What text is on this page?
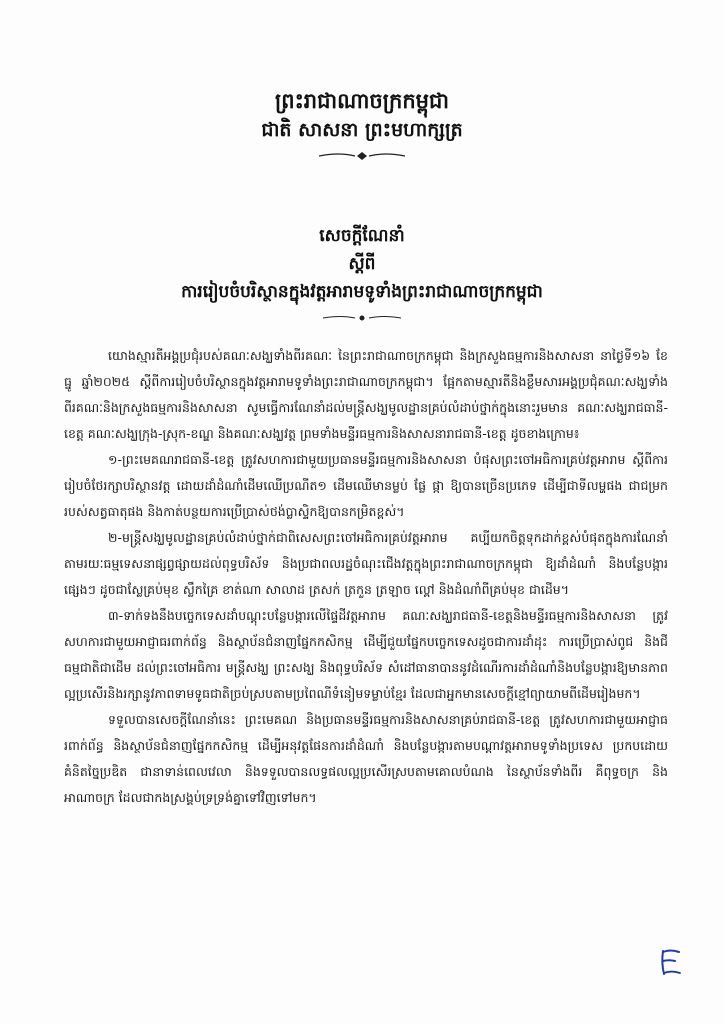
ព្រះរាជាណាចក្រកម្ពុជា
ជាតិ សាសនា ព្រះមហាក្សត្រ
សេចក្តីណែនាំ
ស្តីពី
ការរៀបចំបរិស្ថានក្នុងវត្តអារាមទូទាំងព្រះរាជាណាចក្រកម្ពុជា

យោងស្មារតីអង្គប្រជុំរបស់គណៈសង្ឃទាំងពីរគណៈ នៃព្រះរាជាណាចក្រកម្ពុជា និងក្រសួងធម្មការនិងសាសនា នាថ្ងៃទី១៦ ខែធ្នូ ឆ្នាំ២០២៥ ស្តីពីការរៀបចំបរិស្ថានក្នុងវត្តអារាមទូទាំងព្រះរាជាណាចក្រកម្ពុជា។ ផ្អែកតាមស្មារតីនិងខ្លឹមសារអង្គប្រជុំគណៈសង្ឃទាំងពីរគណៈនិងក្រសួងធម្មការនិងសាសនា សូមធ្វើការណែនាំដល់មន្រ្តីសង្ឃមូលដ្ឋានគ្រប់លំដាប់ថ្នាក់ក្នុងនោះរួមមាន គណៈសង្ឃរាជធានី-ខេត្ត គណៈសង្ឃក្រុង-ស្រុក-ខណ្ឌ និងគណៈសង្ឃវត្ត ព្រមទាំងមន្ទីរធម្មការនិងសាសនារាជធានី-ខេត្ត ដូចខាងក្រោម៖

១-ព្រះមេគណរាជធានី-ខេត្ត ត្រូវសហការជាមួយប្រធានមន្ទីរធម្មការនិងសាសនា បំផុសព្រះចៅអធិការគ្រប់វត្តអារាម ស្តីពីការរៀបចំថែរក្សាបរិស្ថានវត្ត ដោយដាំដំណាំដើមឈើប្រណីត១ ដើមឈើមានម្លប់ ផ្លែ ផ្កា ឱ្យបានច្រើនប្រភេទ ដើម្បីជាទីលម្ហផង ជាជម្រករបស់សត្វធាតុផង និងកាត់បន្ថយការប្រើប្រាស់ថង់ប្លាស្ទិកឱ្យបានកម្រិតខ្ពស់។

២-មន្រ្តីសង្ឃមូលដ្ឋានគ្រប់លំដាប់ថ្នាក់ជាពិសេសព្រះចៅអធិការគ្រប់វត្តអារាម គប្បីយកចិត្តទុកដាក់ខ្ពស់បំផុតក្នុងការណែនាំតាមរយៈធម្មទេសនាផ្សព្វផ្សាយដល់ពុទ្ធបរិស័ទ និងប្រជាពលរដ្ឋចំណុះជើងវត្តក្នុងព្រះរាជាណាចក្រកម្ពុជា ឱ្យដាំដំណាំ និងបន្លែបង្ការផ្សេងៗ ដូចជាស្លែគ្រប់មុខ ស្លឹកគ្រៃ ខាត់ណា សាលាដ ត្រសក់ ត្រកួន ត្រឡាច ល្ពៅ និងដំណាំពីគ្រប់មុខ ជាដើម។

៣-ទាក់ទងនឹងបច្ចេកទេសដាំបណ្តុះបន្លែបង្ការលើផ្ទៃដីវត្តអារាម គណៈសង្ឃរាជធានី-ខេត្តនិងមន្ទីរធម្មការនិងសាសនា ត្រូវសហការជាមួយអាជ្ញាធរពាក់ព័ន្ធ និងស្ថាប័នជំនាញផ្នែកកសិកម្ម ដើម្បីជួយផ្នែកបច្ចេកទេសដូចជាការដាំដុះ ការប្រើប្រាស់ពូជ និងជីធម្មជាតិជាដើម ដល់ព្រះចៅអធិការ មន្រ្តីសង្ឃ ព្រះសង្ឃ និងពុទ្ធបរិស័ទ សំដៅធានាបាននូវដំណើរការដាំដំណាំនិងបន្លែបង្ការឱ្យមានភាពល្អប្រសើរនិងរក្សានូវភាពទាមទូធជាតិច្រប់ស្របតាមប្រពៃណីទំនៀមទម្លាប់ខ្មែរ ដែលជាអ្នកមានសេចក្តីខ្មៅព្យាយាមពីដើមរៀងមក។

ទទួលបានសេចក្តីណែនាំនេះ ព្រះមេគណ និងប្រធានមន្ទីរធម្មការនិងសាសនាគ្រប់រាជធានី-ខេត្ត ត្រូវសហការជាមួយអាជ្ញាធរពាក់ព័ន្ធ និងស្ថាប័នជំនាញផ្នែកកសិកម្ម ដើម្បីអនុវត្តផែនការដាំដំណាំ និងបន្លែបង្ការតាមបណ្តាវត្តអារាមទូទាំងប្រទេស ប្រកបដោយគំនិតច្នៃប្រឌិត ជានាទាន់ពេលវេលា និងទទួលបានលទ្ធផលល្អប្រសើរស្របតាមគោលបំណង នៃស្ថាប័នទាំងពីរ គឺពុទ្ធចក្រ និងអាណាចក្រ ដែលជាកងស្រង្គប់ទ្រទ្រង់គ្នាទៅវិញទៅមក។
